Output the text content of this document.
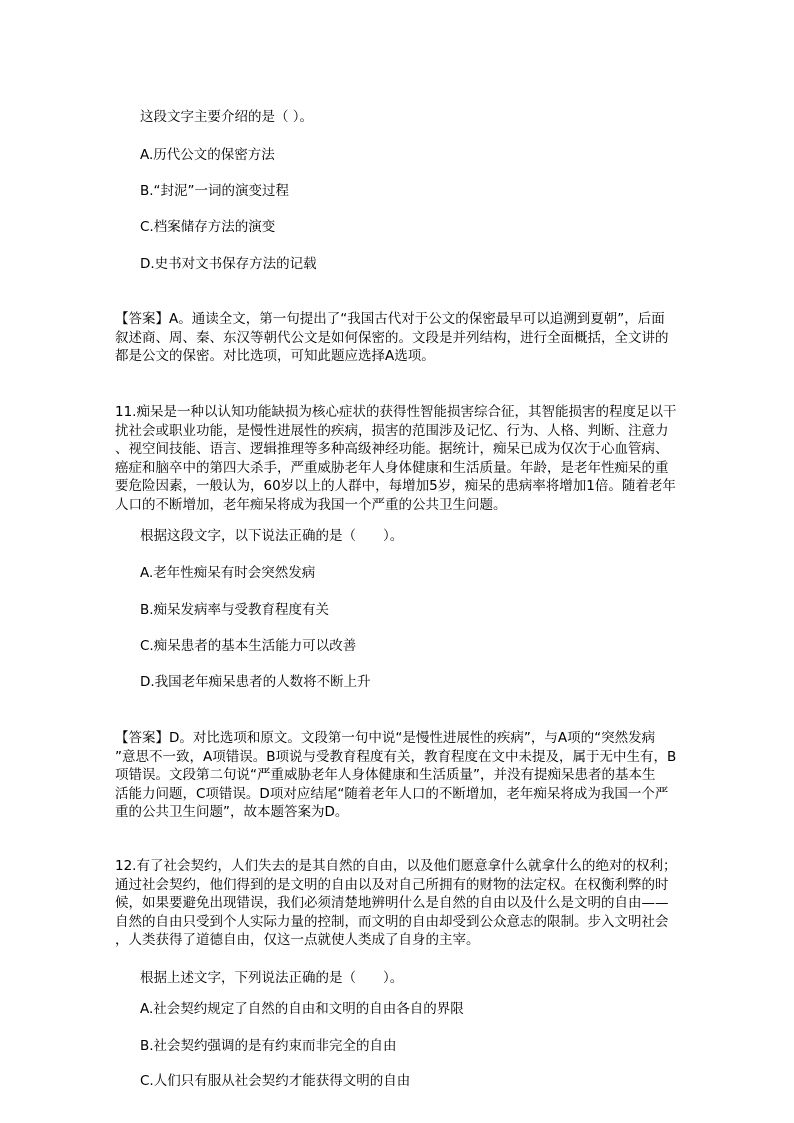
这段文字主要介绍的是（ ）。
A.历代公文的保密方法
B.“封泥”一词的演变过程
C.档案储存方法的演变
D.史书对文书保存方法的记载
【答案】A。通读全文，第一句提出了“我国古代对于公文的保密最早可以追溯到夏朝”，后面
叙述商、周、秦、东汉等朝代公文是如何保密的。文段是并列结构，进行全面概括，全文讲的
都是公文的保密。对比选项，可知此题应选择A选项。
11.痴呆是一种以认知功能缺损为核心症状的获得性智能损害综合征，其智能损害的程度足以干
扰社会或职业功能，是慢性进展性的疾病，损害的范围涉及记忆、行为、人格、判断、注意力
、视空间技能、语言、逻辑推理等多种高级神经功能。据统计，痴呆已成为仅次于心血管病、
癌症和脑卒中的第四大杀手，严重威胁老年人身体健康和生活质量。年龄，是老年性痴呆的重
要危险因素，一般认为，60岁以上的人群中，每增加5岁，痴呆的患病率将增加1倍。随着老年
人口的不断增加，老年痴呆将成为我国一个严重的公共卫生问题。
根据这段文字，以下说法正确的是（　　）。
A.老年性痴呆有时会突然发病
B.痴呆发病率与受教育程度有关
C.痴呆患者的基本生活能力可以改善
D.我国老年痴呆患者的人数将不断上升
【答案】D。对比选项和原文。文段第一句中说“是慢性进展性的疾病”，与A项的“突然发病
”意思不一致，A项错误。B项说与受教育程度有关，教育程度在文中未提及，属于无中生有，B
项错误。文段第二句说“严重威胁老年人身体健康和生活质量”，并没有提痴呆患者的基本生
活能力问题，C项错误。D项对应结尾“随着老年人口的不断增加，老年痴呆将成为我国一个严
重的公共卫生问题”，故本题答案为D。
12.有了社会契约，人们失去的是其自然的自由，以及他们愿意拿什么就拿什么的绝对的权利；
通过社会契约，他们得到的是文明的自由以及对自己所拥有的财物的法定权。在权衡利弊的时
候，如果要避免出现错误，我们必须清楚地辨明什么是自然的自由以及什么是文明的自由——
自然的自由只受到个人实际力量的控制，而文明的自由却受到公众意志的限制。步入文明社会
，人类获得了道德自由，仅这一点就使人类成了自身的主宰。
根据上述文字，下列说法正确的是（　　）。
A.社会契约规定了自然的自由和文明的自由各自的界限
B.社会契约强调的是有约束而非完全的自由
C.人们只有服从社会契约才能获得文明的自由
